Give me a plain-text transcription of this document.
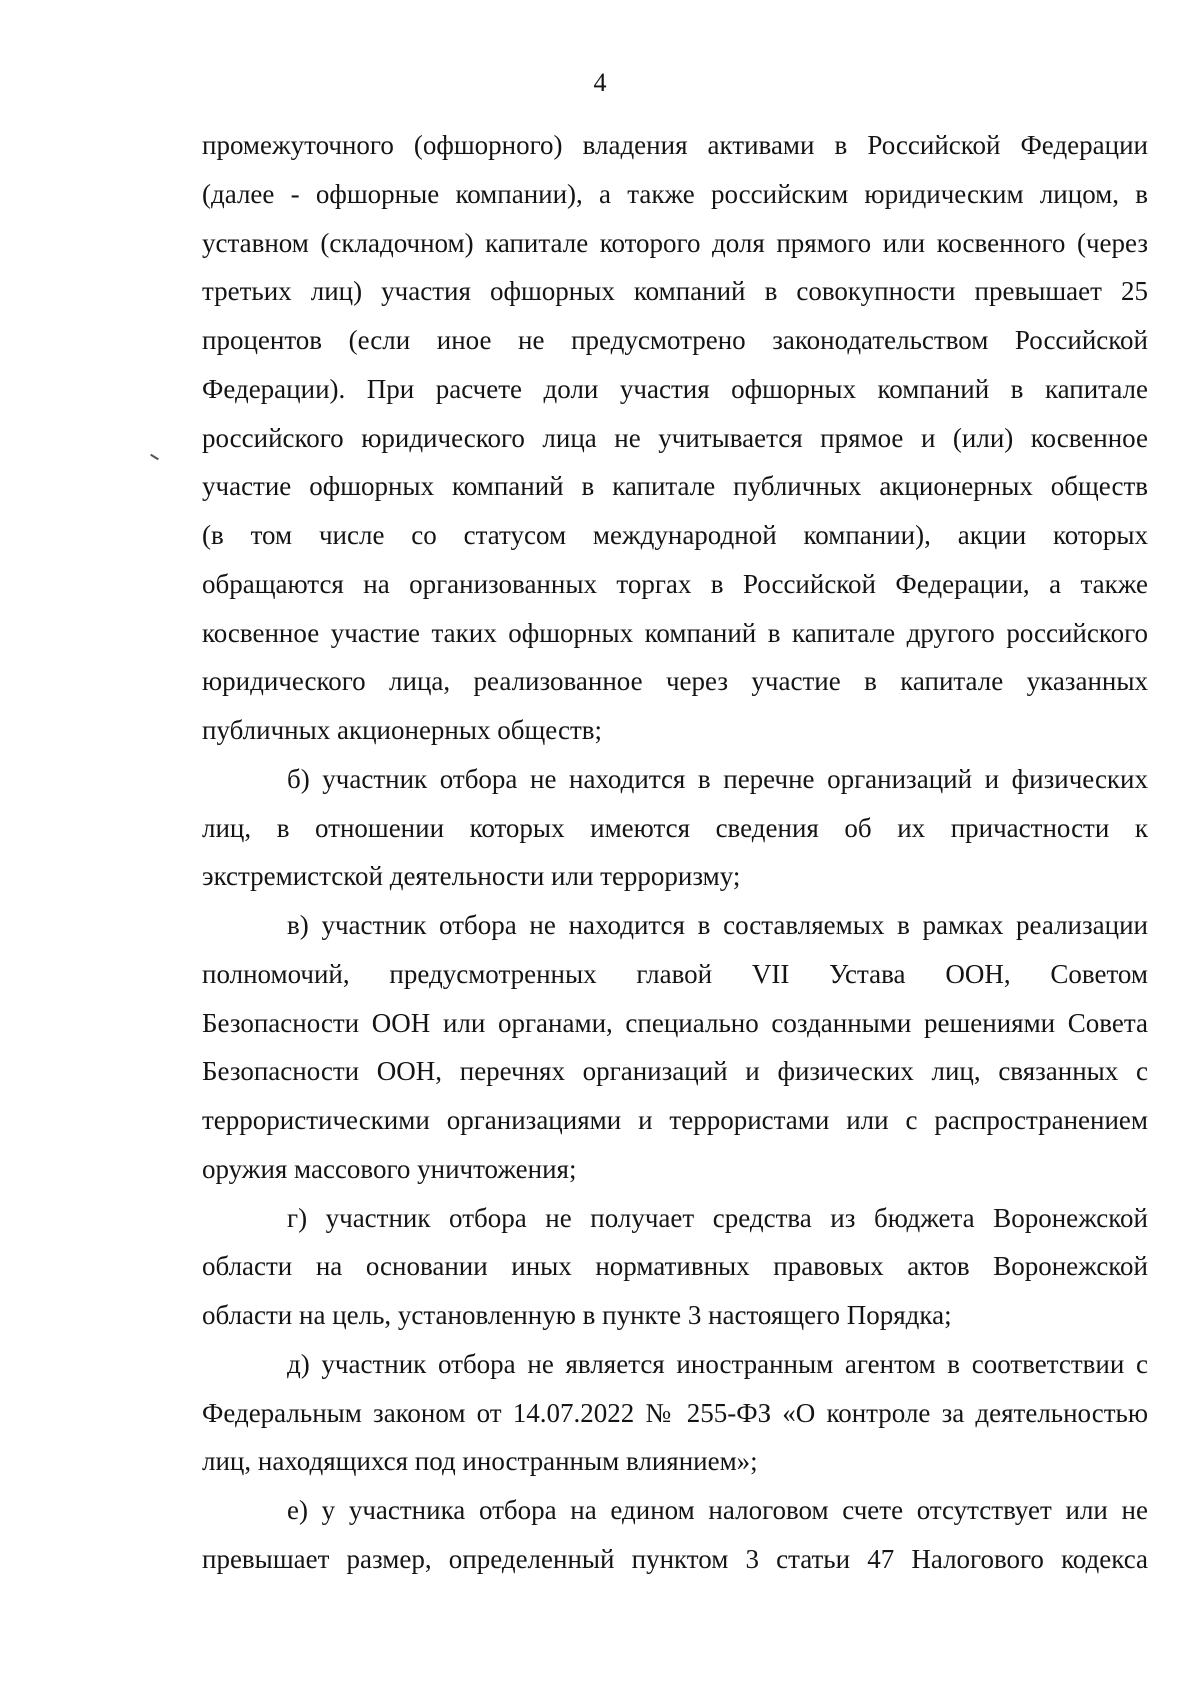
4
промежуточного (офшорного) владения активами в Российской Федерации
(далее - офшорные компании), а также российским юридическим лицом, в
уставном (складочном) капитале которого доля прямого или косвенного (через
третьих лиц) участия офшорных компаний в совокупности превышает 25
процентов (если иное не предусмотрено законодательством Российской
Федерации). При расчете доли участия офшорных компаний в капитале
российского юридического лица не учитывается прямое и (или) косвенное
участие офшорных компаний в капитале публичных акционерных обществ
(в том числе со статусом международной компании), акции которых
обращаются на организованных торгах в Российской Федерации, а также
косвенное участие таких офшорных компаний в капитале другого российского
юридического лица, реализованное через участие в капитале указанных
публичных акционерных обществ;
б) участник отбора не находится в перечне организаций и физических
лиц, в отношении которых имеются сведения об их причастности к
экстремистской деятельности или терроризму;
в) участник отбора не находится в составляемых в рамках реализации
полномочий, предусмотренных главой VII Устава ООН, Советом
Безопасности ООН или органами, специально созданными решениями Совета
Безопасности ООН, перечнях организаций и физических лиц, связанных с
террористическими организациями и террористами или с распространением
оружия массового уничтожения;
г) участник отбора не получает средства из бюджета Воронежской
области на основании иных нормативных правовых актов Воронежской
области на цель, установленную в пункте 3 настоящего Порядка;
д) участник отбора не является иностранным агентом в соответствии с
Федеральным законом от 14.07.2022 № 255-ФЗ «О контроле за деятельностью
лиц, находящихся под иностранным влиянием»;
е) у участника отбора на едином налоговом счете отсутствует или не
превышает размер, определенный пунктом 3 статьи 47 Налогового кодекса
